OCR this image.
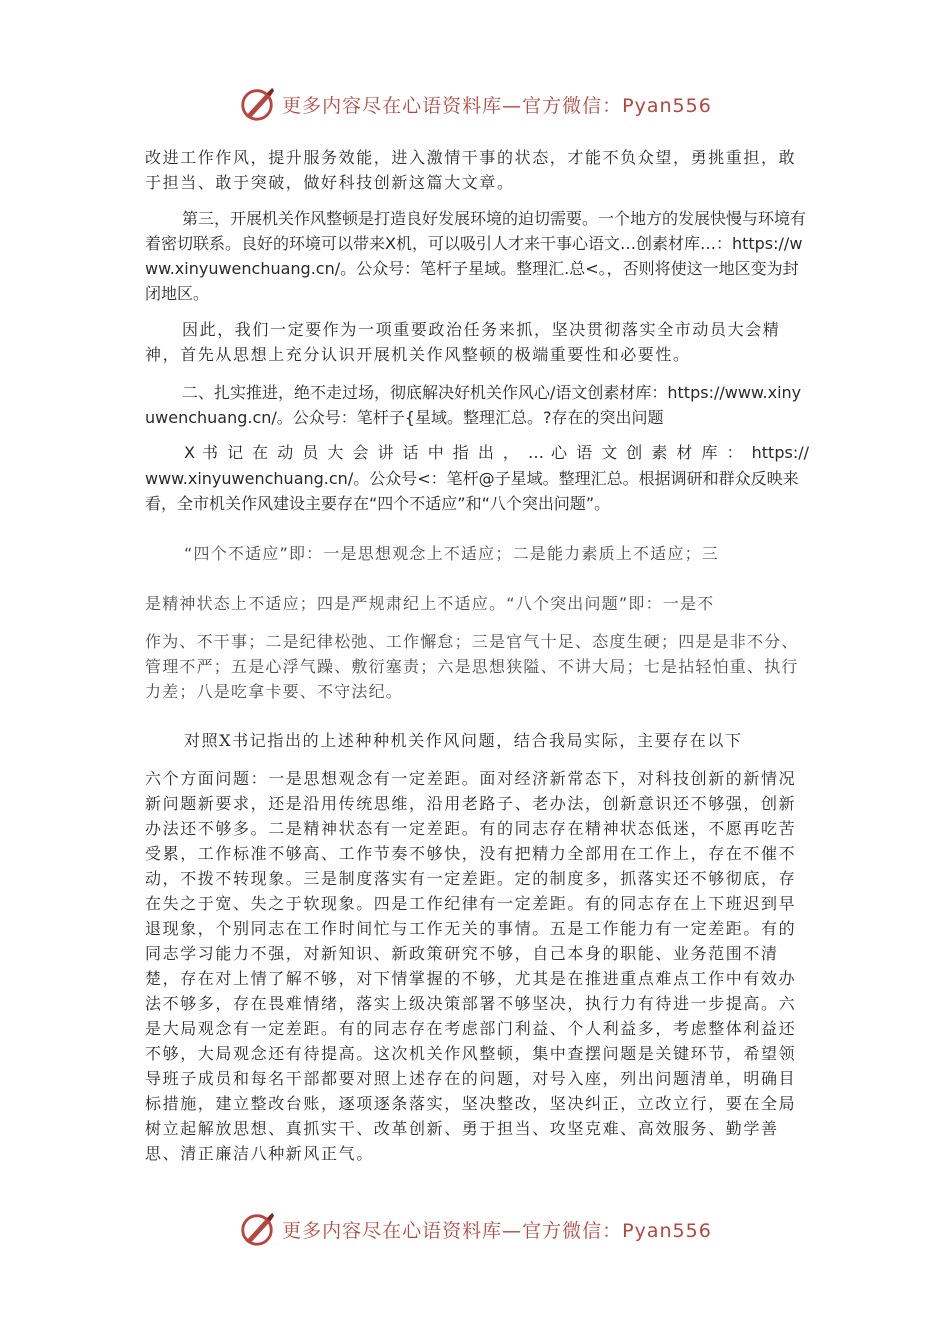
更多内容尽在心语资料库—官方微信：Pyan556

改进工作作风，提升服务效能，进入激情干事的状态，才能不负众望，勇挑重担，敢于担当、敢于突破，做好科技创新这篇大文章。

第三，开展机关作风整顿是打造良好发展环境的迫切需要。一个地方的发展快慢与环境有着密切联系。良好的环境可以带来X机，可以吸引人才来干事心语文…创素材库…：https://www.xinyuwenchuang.cn/。公众号：笔杆子星域。整理汇.总<。，否则将使这一地区变为封闭地区。

因此，我们一定要作为一项重要政治任务来抓，坚决贯彻落实全市动员大会精神，首先从思想上充分认识开展机关作风整顿的极端重要性和必要性。

二、扎实推进，绝不走过场，彻底解决好机关作风心/语文创素材库：https://www.xinyuwenchuang.cn/。公众号：笔杆子{星域。整理汇总。?存在的突出问题

X 书 记 在 动 员 大 会 讲 话 中 指 出 ， … 心 语 文 创 素 材 库 ： https://

www.xinyuwenchuang.cn/。公众号<：笔杆@子星域。整理汇总。根据调研和群众反映来看，全市机关作风建设主要存在“四个不适应”和“八个突出问题”。

“四个不适应”即：一是思想观念上不适应；二是能力素质上不适应；三

是精神状态上不适应；四是严规肃纪上不适应。“八个突出问题”即：一是不

作为、不干事；二是纪律松弛、工作懈怠；三是官气十足、态度生硬；四是是非不分、管理不严；五是心浮气躁、敷衍塞责；六是思想狭隘、不讲大局；七是拈轻怕重、执行力差；八是吃拿卡要、不守法纪。

对照X书记指出的上述种种机关作风问题，结合我局实际，主要存在以下

六个方面问题：一是思想观念有一定差距。面对经济新常态下，对科技创新的新情况新问题新要求，还是沿用传统思维，沿用老路子、老办法，创新意识还不够强，创新办法还不够多。二是精神状态有一定差距。有的同志存在精神状态低迷，不愿再吃苦受累，工作标准不够高、工作节奏不够快，没有把精力全部用在工作上，存在不催不动，不拨不转现象。三是制度落实有一定差距。定的制度多，抓落实还不够彻底，存在失之于宽、失之于软现象。四是工作纪律有一定差距。有的同志存在上下班迟到早退现象，个别同志在工作时间忙与工作无关的事情。五是工作能力有一定差距。有的同志学习能力不强，对新知识、新政策研究不够，自己本身的职能、业务范围不清楚，存在对上情了解不够，对下情掌握的不够，尤其是在推进重点难点工作中有效办法不够多，存在畏难情绪，落实上级决策部署不够坚决，执行力有待进一步提高。六是大局观念有一定差距。有的同志存在考虑部门利益、个人利益多，考虑整体利益还不够，大局观念还有待提高。这次机关作风整顿，集中查摆问题是关键环节，希望领导班子成员和每名干部都要对照上述存在的问题，对号入座，列出问题清单，明确目标措施，建立整改台账，逐项逐条落实，坚决整改，坚决纠正，立改立行，要在全局树立起解放思想、真抓实干、改革创新、勇于担当、攻坚克难、高效服务、勤学善思、清正廉洁八种新风正气。

更多内容尽在心语资料库—官方微信：Pyan556
